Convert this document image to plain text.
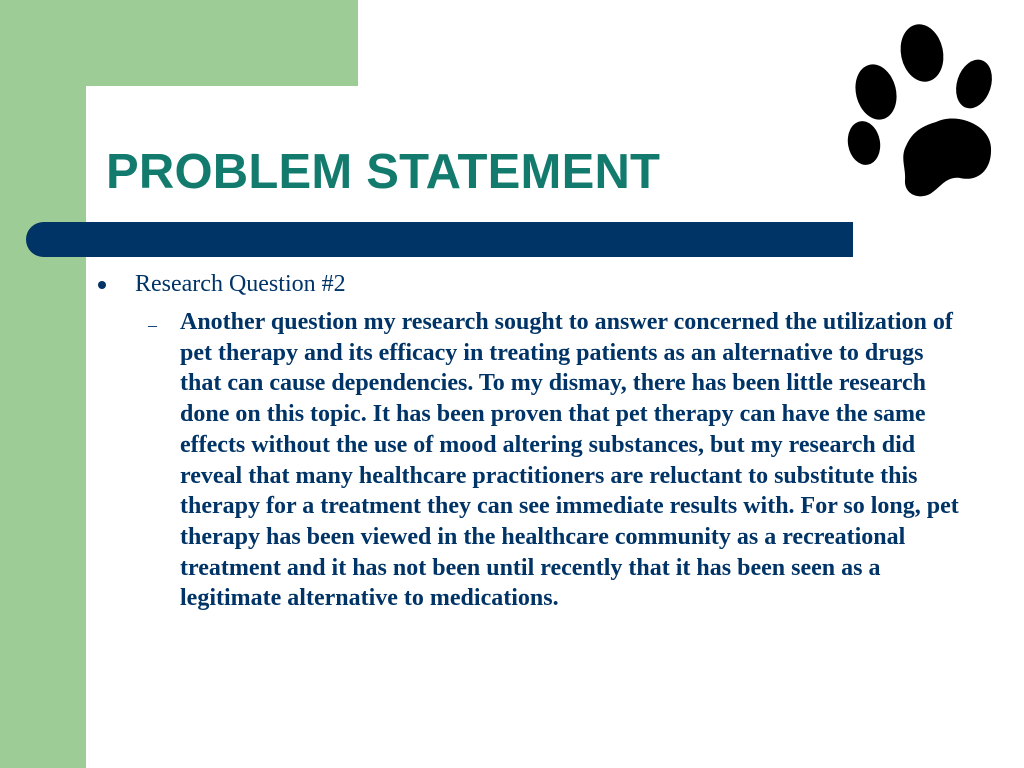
PROBLEM STATEMENT
Research Question #2
– Another question my research sought to answer concerned the utilization of pet therapy and its efficacy in treating patients as an alternative to drugs that can cause dependencies. To my dismay, there has been little research done on this topic. It has been proven that pet therapy can have the same effects without the use of mood altering substances, but my research did reveal that many healthcare practitioners are reluctant to substitute this therapy for a treatment they can see immediate results with. For so long, pet therapy has been viewed in the healthcare community as a recreational treatment and it has not been until recently that it has been seen as a legitimate alternative to medications.
